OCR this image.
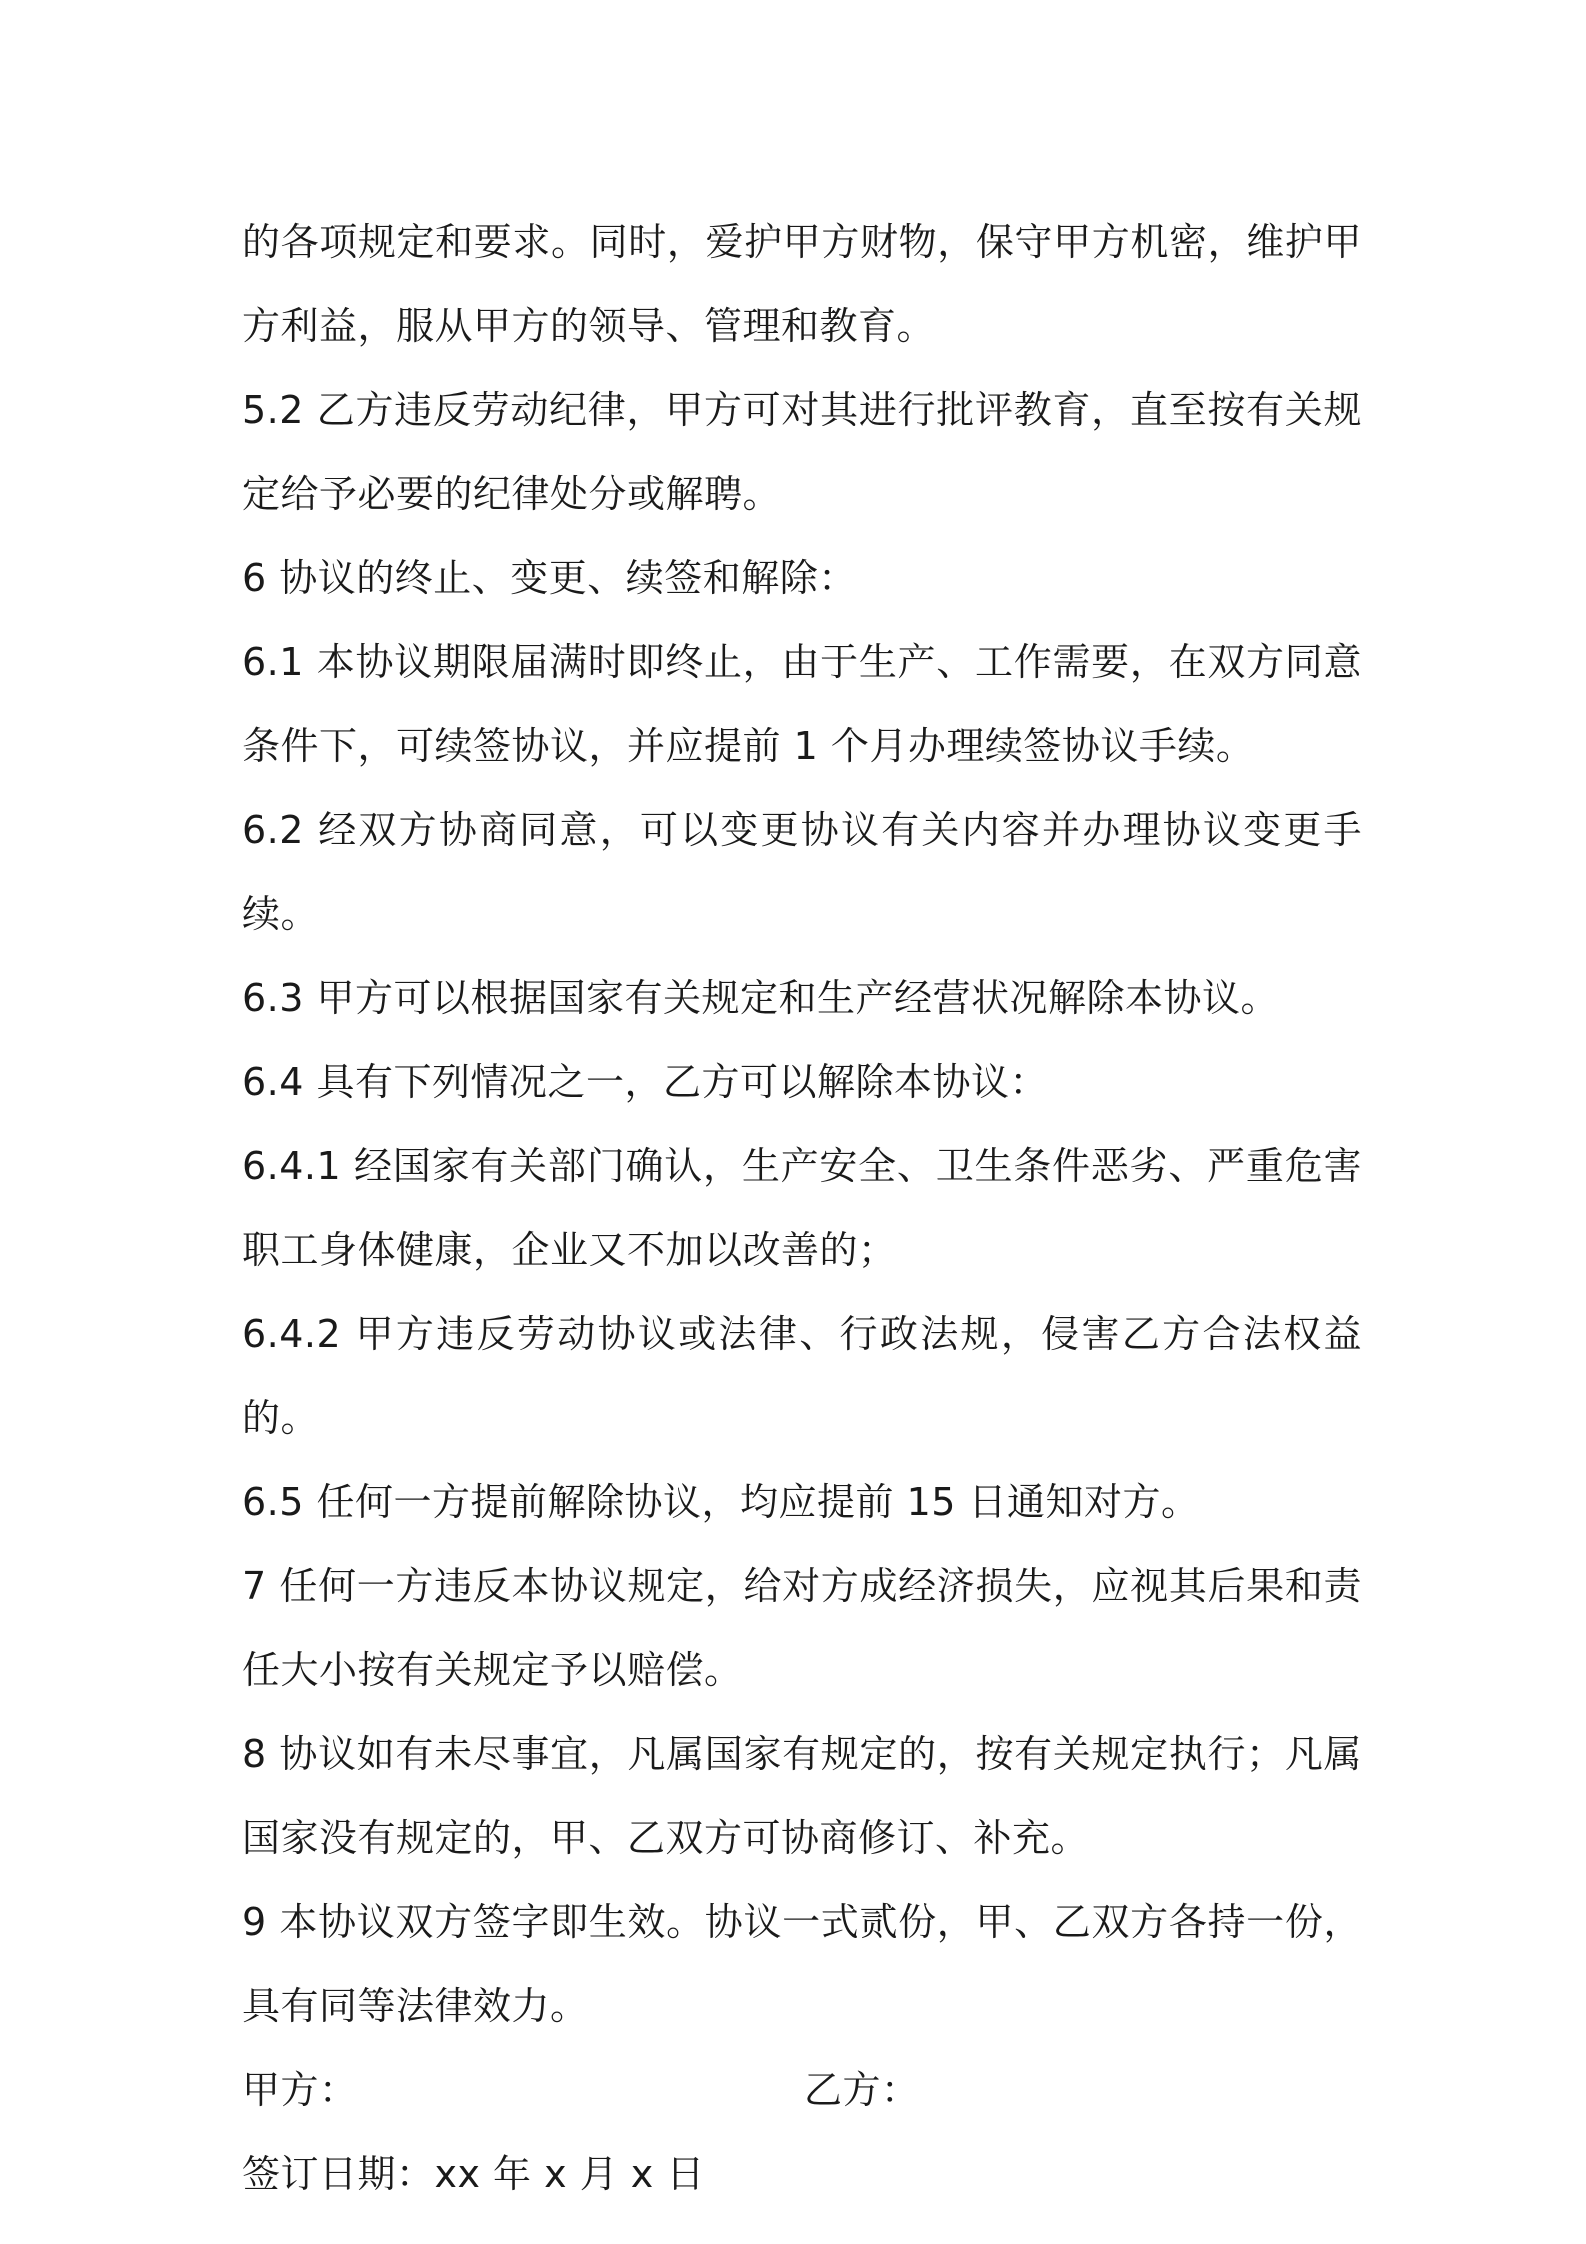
的各项规定和要求。同时，爱护甲方财物，保守甲方机密，维护甲方利益，服从甲方的领导、管理和教育。

5.2 乙方违反劳动纪律，甲方可对其进行批评教育，直至按有关规定给予必要的纪律处分或解聘。

6 协议的终止、变更、续签和解除：

6.1 本协议期限届满时即终止，由于生产、工作需要，在双方同意条件下，可续签协议，并应提前 1 个月办理续签协议手续。

6.2 经双方协商同意，可以变更协议有关内容并办理协议变更手续。

6.3 甲方可以根据国家有关规定和生产经营状况解除本协议。

6.4 具有下列情况之一，乙方可以解除本协议：

6.4.1 经国家有关部门确认，生产安全、卫生条件恶劣、严重危害职工身体健康，企业又不加以改善的；

6.4.2 甲方违反劳动协议或法律、行政法规，侵害乙方合法权益的。

6.5 任何一方提前解除协议，均应提前 15 日通知对方。

7 任何一方违反本协议规定，给对方成经济损失，应视其后果和责任大小按有关规定予以赔偿。

8 协议如有未尽事宜，凡属国家有规定的，按有关规定执行；凡属国家没有规定的，甲、乙双方可协商修订、补充。

9 本协议双方签字即生效。协议一式贰份，甲、乙双方各持一份，具有同等法律效力。

甲方：	乙方：
签订日期：xx 年 x 月 x 日
